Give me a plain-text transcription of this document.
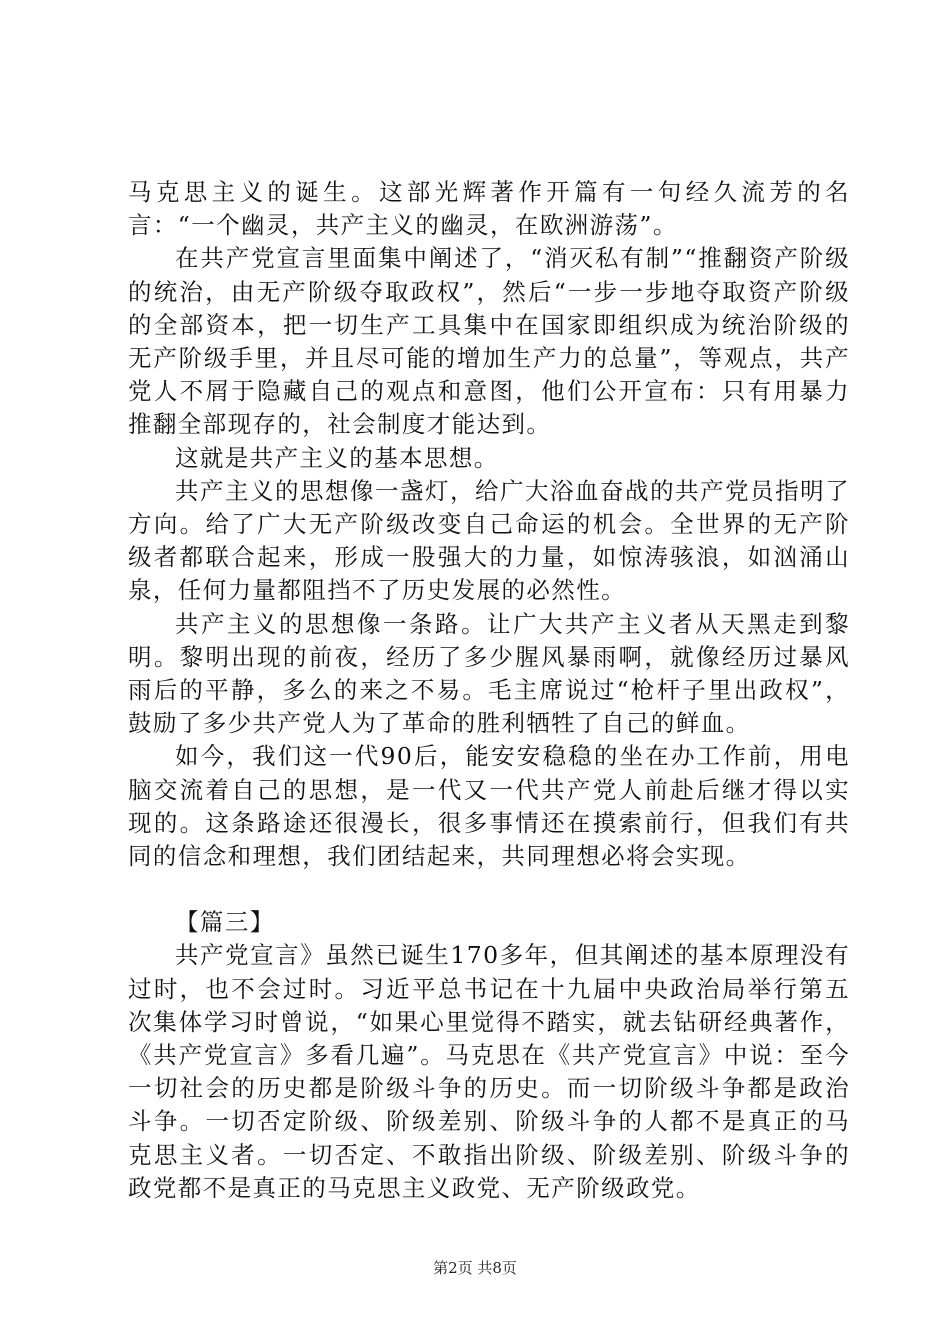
马克思主义的诞生。这部光辉著作开篇有一句经久流芳的名言：“一个幽灵，共产主义的幽灵，在欧洲游荡”。

在共产党宣言里面集中阐述了，“消灭私有制”“推翻资产阶级的统治，由无产阶级夺取政权”，然后“一步一步地夺取资产阶级的全部资本，把一切生产工具集中在国家即组织成为统治阶级的无产阶级手里，并且尽可能的增加生产力的总量”，等观点，共产党人不屑于隐藏自己的观点和意图，他们公开宣布：只有用暴力推翻全部现存的，社会制度才能达到。

这就是共产主义的基本思想。

共产主义的思想像一盏灯，给广大浴血奋战的共产党员指明了方向。给了广大无产阶级改变自己命运的机会。全世界的无产阶级者都联合起来，形成一股强大的力量，如惊涛骇浪，如汹涌山泉，任何力量都阻挡不了历史发展的必然性。

共产主义的思想像一条路。让广大共产主义者从天黑走到黎明。黎明出现的前夜，经历了多少腥风暴雨啊，就像经历过暴风雨后的平静，多么的来之不易。毛主席说过“枪杆子里出政权”，鼓励了多少共产党人为了革命的胜利牺牲了自己的鲜血。

如今，我们这一代90后，能安安稳稳的坐在办工作前，用电脑交流着自己的思想，是一代又一代共产党人前赴后继才得以实现的。这条路途还很漫长，很多事情还在摸索前行，但我们有共同的信念和理想，我们团结起来，共同理想必将会实现。

【篇三】

共产党宣言》虽然已诞生170多年，但其阐述的基本原理没有过时，也不会过时。习近平总书记在十九届中央政治局举行第五次集体学习时曾说，“如果心里觉得不踏实，就去钻研经典著作，《共产党宣言》多看几遍”。马克思在《共产党宣言》中说：至今一切社会的历史都是阶级斗争的历史。而一切阶级斗争都是政治斗争。一切否定阶级、阶级差别、阶级斗争的人都不是真正的马克思主义者。一切否定、不敢指出阶级、阶级差别、阶级斗争的政党都不是真正的马克思主义政党、无产阶级政党。

第2页 共8页
